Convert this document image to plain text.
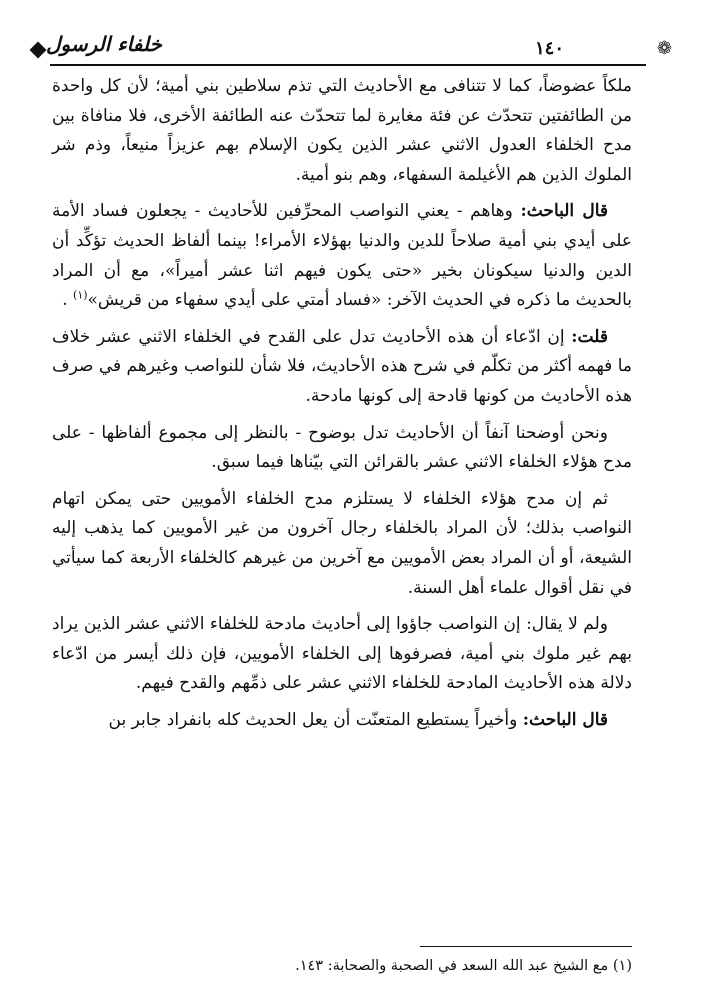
❁
١٤٠
خلفاء الرسول

ملكاً عضوضاً، كما لا تتنافى مع الأحاديث التي تذم سلاطين بني أمية؛ لأن كل واحدة من الطائفتين تتحدّث عن فئة مغايرة لما تتحدّث عنه الطائفة الأخرى، فلا منافاة بين مدح الخلفاء العدول الاثني عشر الذين يكون الإسلام بهم عزيزاً منيعاً، وذم شر الملوك الذين هم الأغيلمة السفهاء، وهم بنو أمية.

قال الباحث: وهاهم - يعني النواصب المحرِّفين للأحاديث - يجعلون فساد الأمة على أيدي بني أمية صلاحاً للدين والدنيا بهؤلاء الأمراء! بينما ألفاظ الحديث تؤكِّد أن الدين والدنيا سيكونان بخير «حتى يكون فيهم اثنا عشر أميراً»، مع أن المراد بالحديث ما ذكره في الحديث الآخر: «فساد أمتي على أيدي سفهاء من قريش»$^{(١)}$ .

قلت: إن ادّعاء أن هذه الأحاديث تدل على القدح في الخلفاء الاثني عشر خلاف ما فهمه أكثر من تكلّم في شرح هذه الأحاديث، فلا شأن للنواصب وغيرهم في صرف هذه الأحاديث من كونها قادحة إلى كونها مادحة.

ونحن أوضحنا آنفاً أن الأحاديث تدل بوضوح - بالنظر إلى مجموع ألفاظها - على مدح هؤلاء الخلفاء الاثني عشر بالقرائن التي بيّناها فيما سبق.

ثم إن مدح هؤلاء الخلفاء لا يستلزم مدح الخلفاء الأمويين حتى يمكن اتهام النواصب بذلك؛ لأن المراد بالخلفاء رجال آخرون من غير الأمويين كما يذهب إليه الشيعة، أو أن المراد بعض الأمويين مع آخرين من غيرهم كالخلفاء الأربعة كما سيأتي في نقل أقوال علماء أهل السنة.

ولم لا يقال: إن النواصب جاؤوا إلى أحاديث مادحة للخلفاء الاثني عشر الذين يراد بهم غير ملوك بني أمية، فصرفوها إلى الخلفاء الأمويين، فإن ذلك أيسر من ادّعاء دلالة هذه الأحاديث المادحة للخلفاء الاثني عشر على ذمِّهم والقدح فيهم.

قال الباحث: وأخيراً يستطيع المتعنّت أن يعل الحديث كله بانفراد جابر بن

(١) مع الشيخ عبد الله السعد في الصحبة والصحابة: ١٤٣.
